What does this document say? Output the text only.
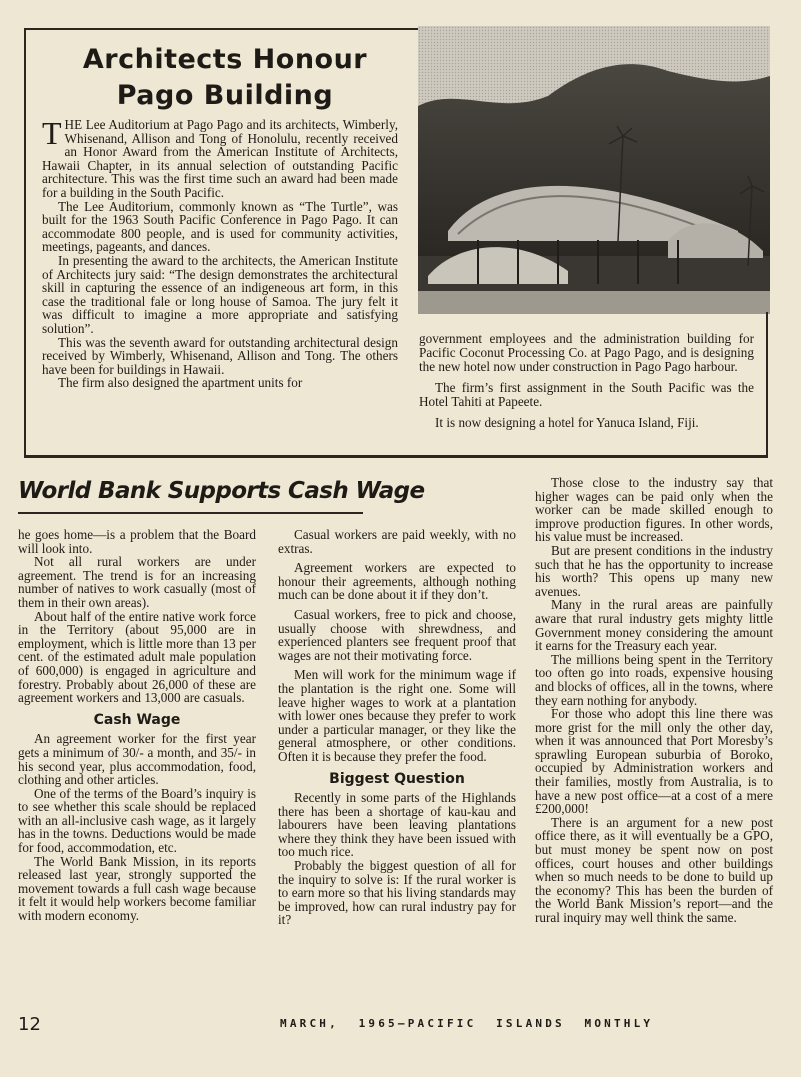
Architects Honour
Pago Building

THE Lee Auditorium at Pago Pago and its architects, Wimberly, Whisenand, Allison and Tong of Honolulu, recently received an Honor Award from the American Institute of Architects, Hawaii Chapter, in its annual selection of outstanding Pacific architecture. This was the first time such an award had been made for a building in the South Pacific.

The Lee Auditorium, commonly known as “The Turtle”, was built for the 1963 South Pacific Conference in Pago Pago. It can accommodate 800 people, and is used for community activities, meetings, pageants, and dances.

In presenting the award to the architects, the American Institute of Architects jury said: “The design demonstrates the architectural skill in capturing the essence of an indigeneous art form, in this case the traditional fale or long house of Samoa. The jury felt it was difficult to imagine a more appropriate and satisfying solution”.

This was the seventh award for outstanding architectural design received by Wimberly, Whisenand, Allison and Tong. The others have been for buildings in Hawaii.

The firm also designed the apartment units for

government employees and the administration building for Pacific Coconut Processing Co. at Pago Pago, and is designing the new hotel now under construction in Pago Pago harbour.

The firm’s first assignment in the South Pacific was the Hotel Tahiti at Papeete.

It is now designing a hotel for Yanuca Island, Fiji.

World Bank Supports Cash Wage

he goes home—is a problem that the Board will look into.

Not all rural workers are under agreement. The trend is for an increasing number of natives to work casually (most of them in their own areas).

About half of the entire native work force in the Territory (about 95,000 are in employment, which is little more than 13 per cent. of the estimated adult male population of 600,000) is engaged in agriculture and forestry. Probably about 26,000 of these are agreement workers and 13,000 are casuals.

Cash Wage

An agreement worker for the first year gets a minimum of 30/- a month, and 35/- in his second year, plus accommodation, food, clothing and other articles.

One of the terms of the Board’s inquiry is to see whether this scale should be replaced with an all-inclusive cash wage, as it largely has in the towns. Deductions would be made for food, accommodation, etc.

The World Bank Mission, in its reports released last year, strongly supported the movement towards a full cash wage because it felt it would help workers become familiar with modern economy.

Casual workers are paid weekly, with no extras.

Agreement workers are expected to honour their agreements, although nothing much can be done about it if they don’t.

Casual workers, free to pick and choose, usually choose with shrewdness, and experienced planters see frequent proof that wages are not their motivating force.

Men will work for the minimum wage if the plantation is the right one. Some will leave higher wages to work at a plantation with lower ones because they prefer to work under a particular manager, or they like the general atmosphere, or other conditions. Often it is because they prefer the food.

Biggest Question

Recently in some parts of the Highlands there has been a shortage of kau-kau and labourers have been leaving plantations where they think they have been issued with too much rice.

Probably the biggest question of all for the inquiry to solve is: If the rural worker is to earn more so that his living standards may be improved, how can rural industry pay for it?

Those close to the industry say that higher wages can be paid only when the worker can be made skilled enough to improve production figures. In other words, his value must be increased.

But are present conditions in the industry such that he has the opportunity to increase his worth? This opens up many new avenues.

Many in the rural areas are painfully aware that rural industry gets mighty little Government money considering the amount it earns for the Treasury each year.

The millions being spent in the Territory too often go into roads, expensive housing and blocks of offices, all in the towns, where they earn nothing for anybody.

For those who adopt this line there was more grist for the mill only the other day, when it was announced that Port Moresby’s sprawling European suburbia of Boroko, occupied by Administration workers and their families, mostly from Australia, is to have a new post office—at a cost of a mere £200,000!

There is an argument for a new post office there, as it will eventually be a GPO, but must money be spent now on post offices, court houses and other buildings when so much needs to be done to build up the economy? This has been the burden of the World Bank Mission’s report—and the rural inquiry may well think the same.

12	MARCH,  1965—PACIFIC  ISLANDS  MONTHLY
